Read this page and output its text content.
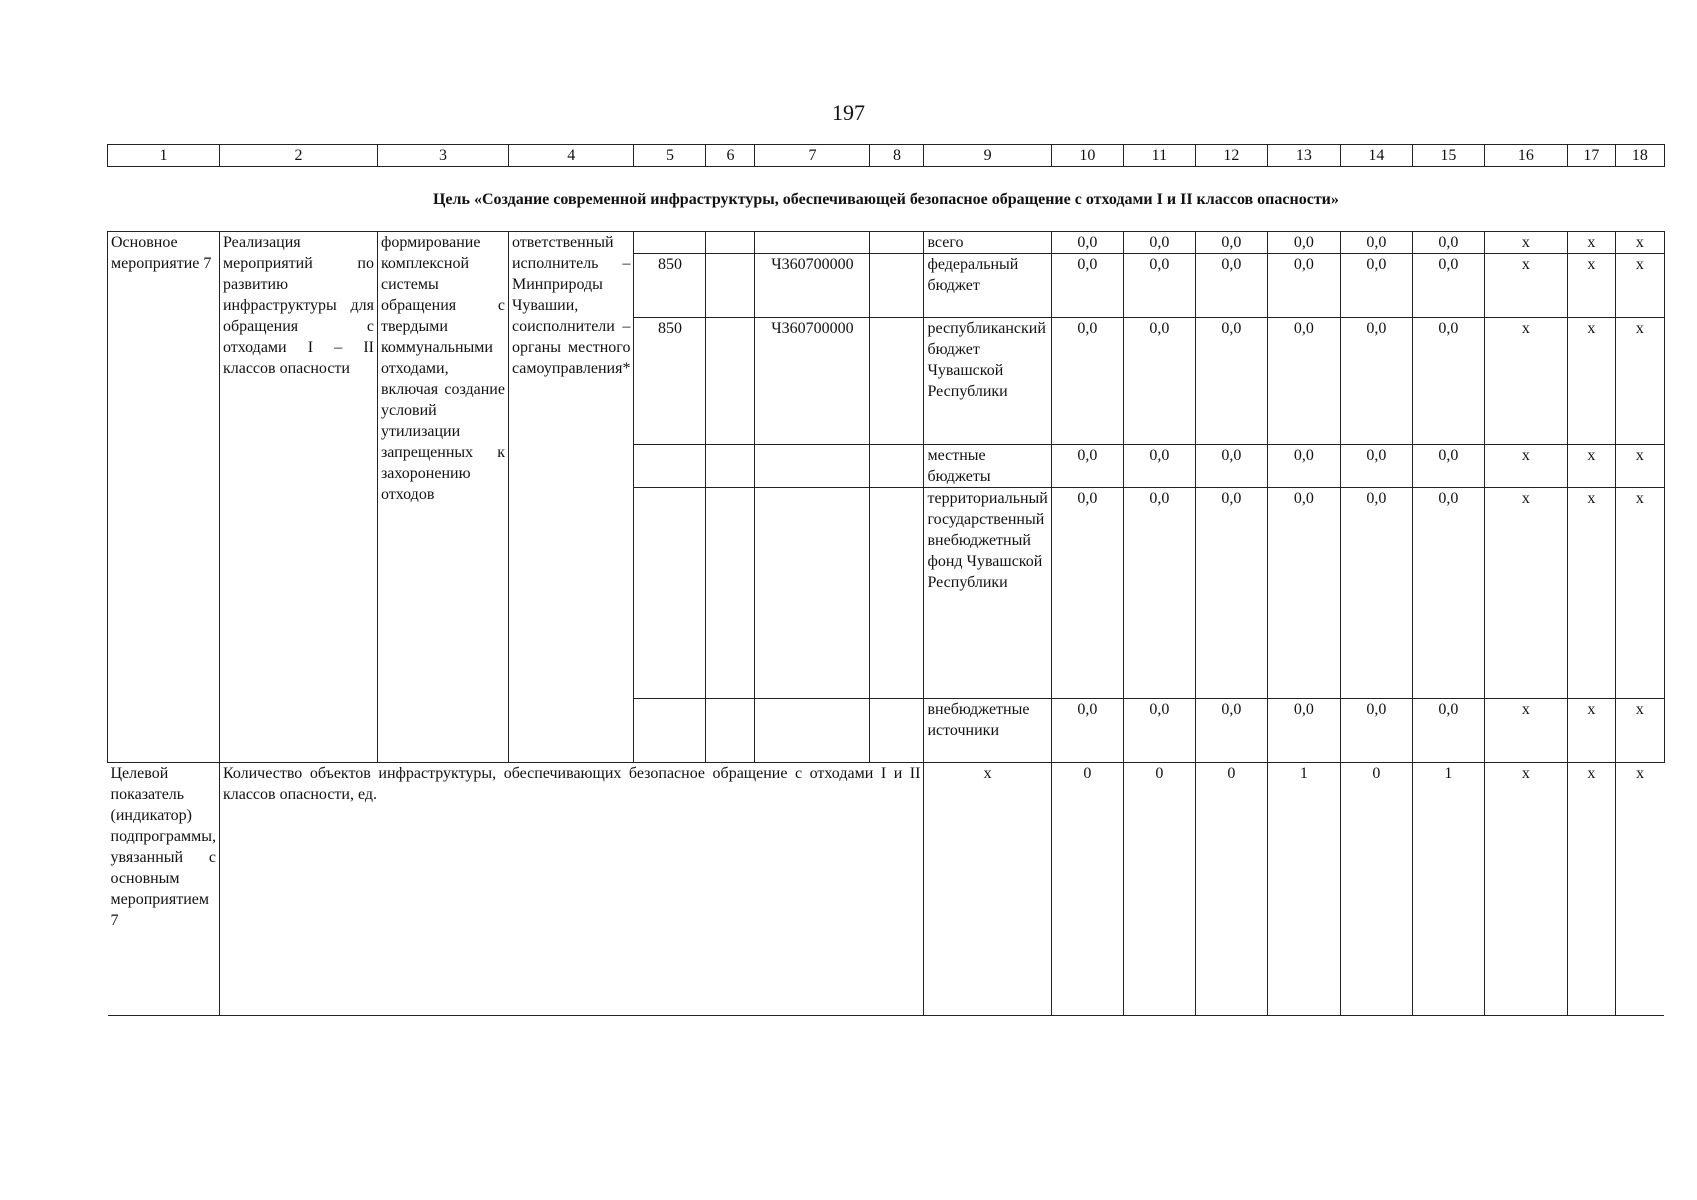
197
1	2	3	4	5	6	7	8	9	10	11	12	13	14	15	16	17	18
Цель «Создание современной инфраструктуры, обеспечивающей безопасное обращение с отходами I и II классов опасности»																	
Основное мероприятие 7	Реализация мероприятий по развитию инфраструктуры для обращения с отходами I – II классов опасности	формирование комплексной системы обращения с твердыми коммунальными отходами, включая создание условий утилизации запрещенных к захоронению отходов	ответственный исполнитель – Минприроды Чувашии, соисполнители – органы местного самоуправления*					всего	0,0	0,0	0,0	0,0	0,0	0,0	x	x	x
				850		Ч360700000		федеральный бюджет	0,0	0,0	0,0	0,0	0,0	0,0	x	x	x
				850		Ч360700000		республиканский бюджет Чувашской Республики	0,0	0,0	0,0	0,0	0,0	0,0	x	x	x
								местные бюджеты	0,0	0,0	0,0	0,0	0,0	0,0	x	x	x
								территориальный государственный внебюджетный фонд Чувашской Республики	0,0	0,0	0,0	0,0	0,0	0,0	x	x	x
								внебюджетные источники	0,0	0,0	0,0	0,0	0,0	0,0	x	x	x
Целевой показатель (индикатор) подпрограммы, увязанный с основным мероприятием 7	Количество объектов инфраструктуры, обеспечивающих безопасное обращение с отходами I и II классов опасности, ед.							x	0	0	0	1	0	1	x	x	x
